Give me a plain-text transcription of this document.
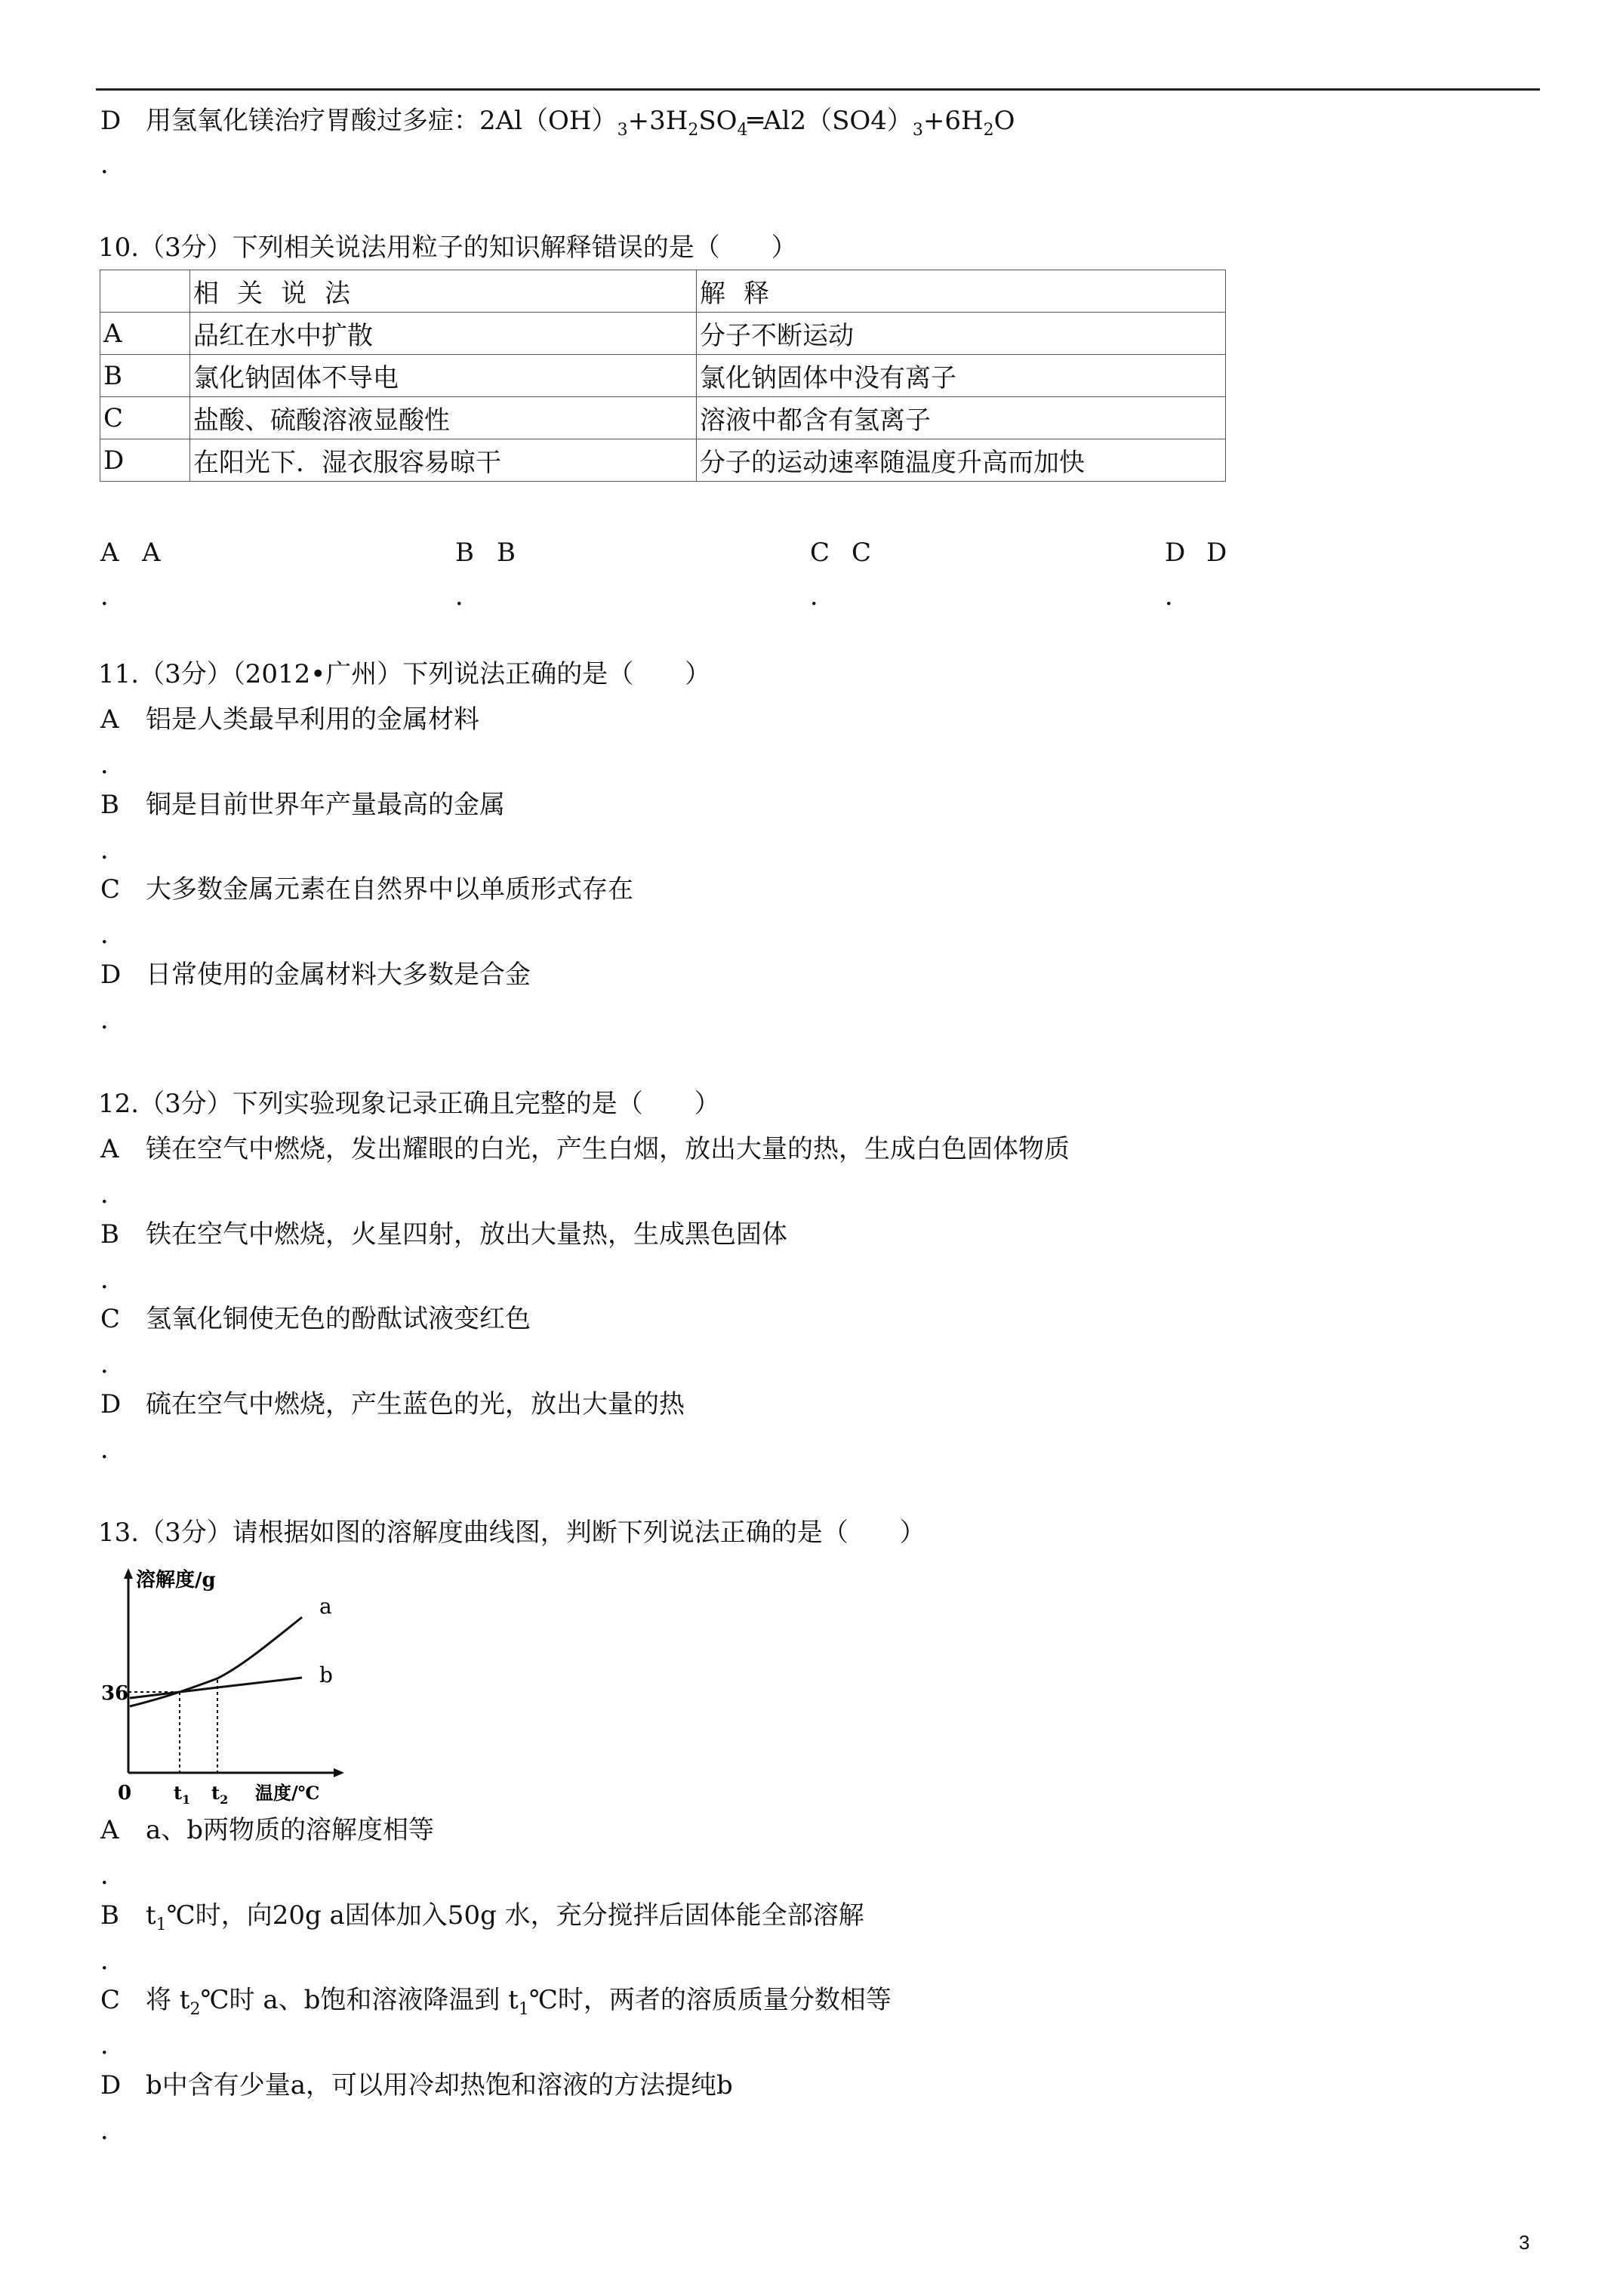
D 用氢氧化镁治疗胃酸过多症：$2Al(OH)_3+3H_2SO_4═Al2(SO4)_3+6H_2O$
．
10.（3分）下列相关说法用粒子的知识解释错误的是（　　）
	相关说法	解释
A	品红在水中扩散	分子不断运动
B	氯化钠固体不导电	氯化钠固体中没有离子
C	盐酸、硫酸溶液显酸性	溶液中都含有氢离子
D	在阳光下．湿衣服容易晾干	分子的运动速率随温度升高而加快
A A
．
B B
．
C C
．
D D
．
11.（3分）（2012•广州）下列说法正确的是（　　）
A 铝是人类最早利用的金属材料
．
B 铜是目前世界年产量最高的金属
．
C 大多数金属元素在自然界中以单质形式存在
．
D 日常使用的金属材料大多数是合金
．
12.（3分）下列实验现象记录正确且完整的是（　　）
A 镁在空气中燃烧，发出耀眼的白光，产生白烟，放出大量的热，生成白色固体物质
．
B 铁在空气中燃烧，火星四射，放出大量热，生成黑色固体
．
C 氢氧化铜使无色的酚酞试液变红色
．
D 硫在空气中燃烧，产生蓝色的光，放出大量的热
．
13.（3分）请根据如图的溶解度曲线图，判断下列说法正确的是（　　）
溶解度/g
a
b
36
0 $t_1$ $t_2$ 温度/℃
A a、b两物质的溶解度相等
．
B $t_1℃$时，向20g a固体加入50g 水，充分搅拌后固体能全部溶解
．
C 将 $t_2℃$时 a、b饱和溶液降温到 $t_1℃$时，两者的溶质质量分数相等
．
D b中含有少量a，可以用冷却热饱和溶液的方法提纯b
．
3
